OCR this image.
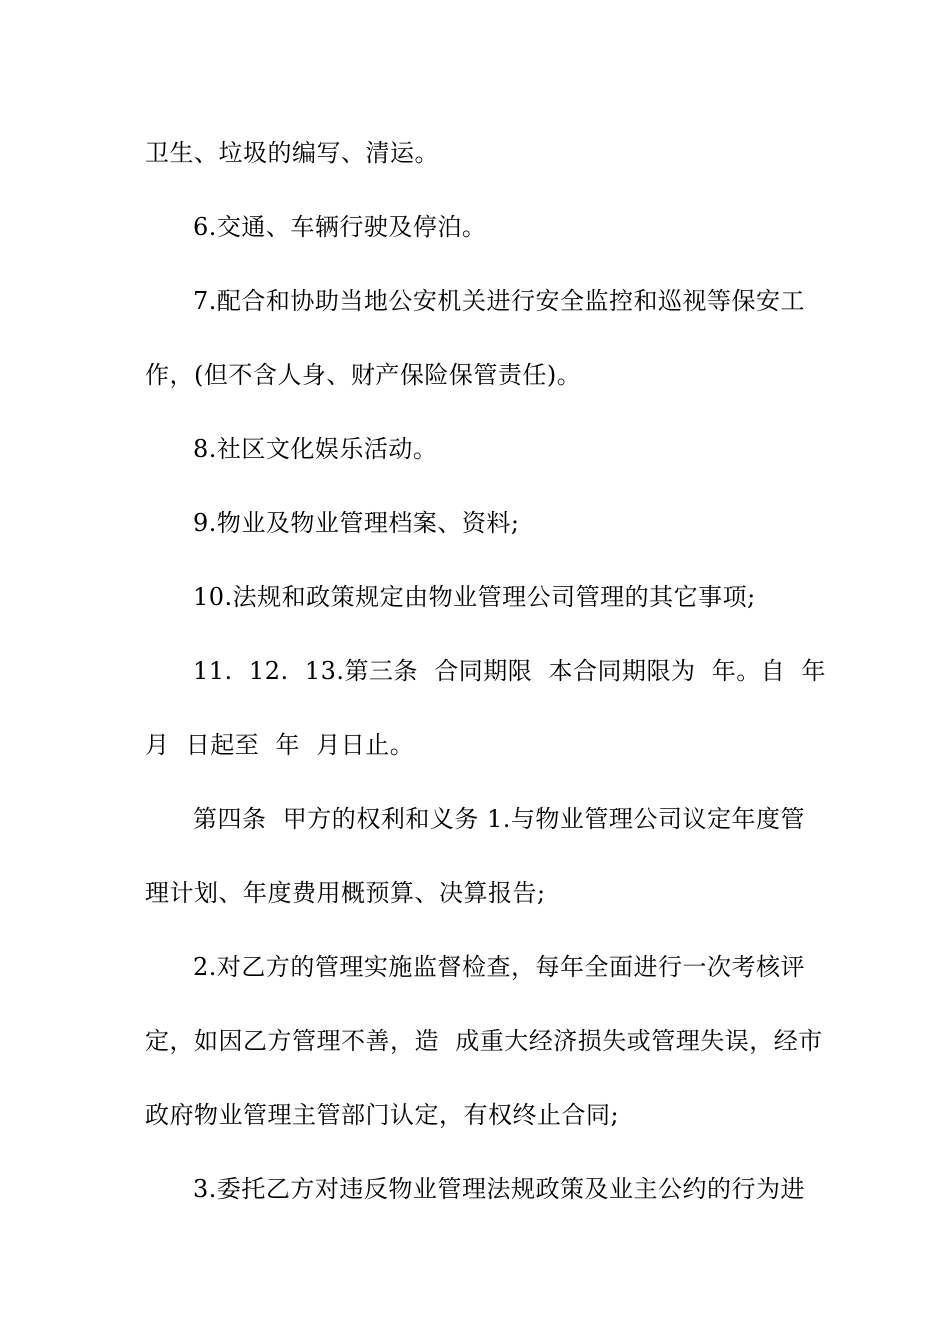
卫生、垃圾的编写、清运。
6.交通、车辆行驶及停泊。
7.配合和协助当地公安机关进行安全监控和巡视等保安工
作，(但不含人身、财产保险保管责任)。
8.社区文化娱乐活动。
9.物业及物业管理档案、资料;
10.法规和政策规定由物业管理公司管理的其它事项;
11.  12.  13.第三条  合同期限  本合同期限为  年。自  年
月  日起至  年  月日止。
第四条  甲方的权利和义务 1.与物业管理公司议定年度管
理计划、年度费用概预算、决算报告;
2.对乙方的管理实施监督检查，每年全面进行一次考核评
定，如因乙方管理不善，造  成重大经济损失或管理失误，经市
政府物业管理主管部门认定，有权终止合同;
3.委托乙方对违反物业管理法规政策及业主公约的行为进
